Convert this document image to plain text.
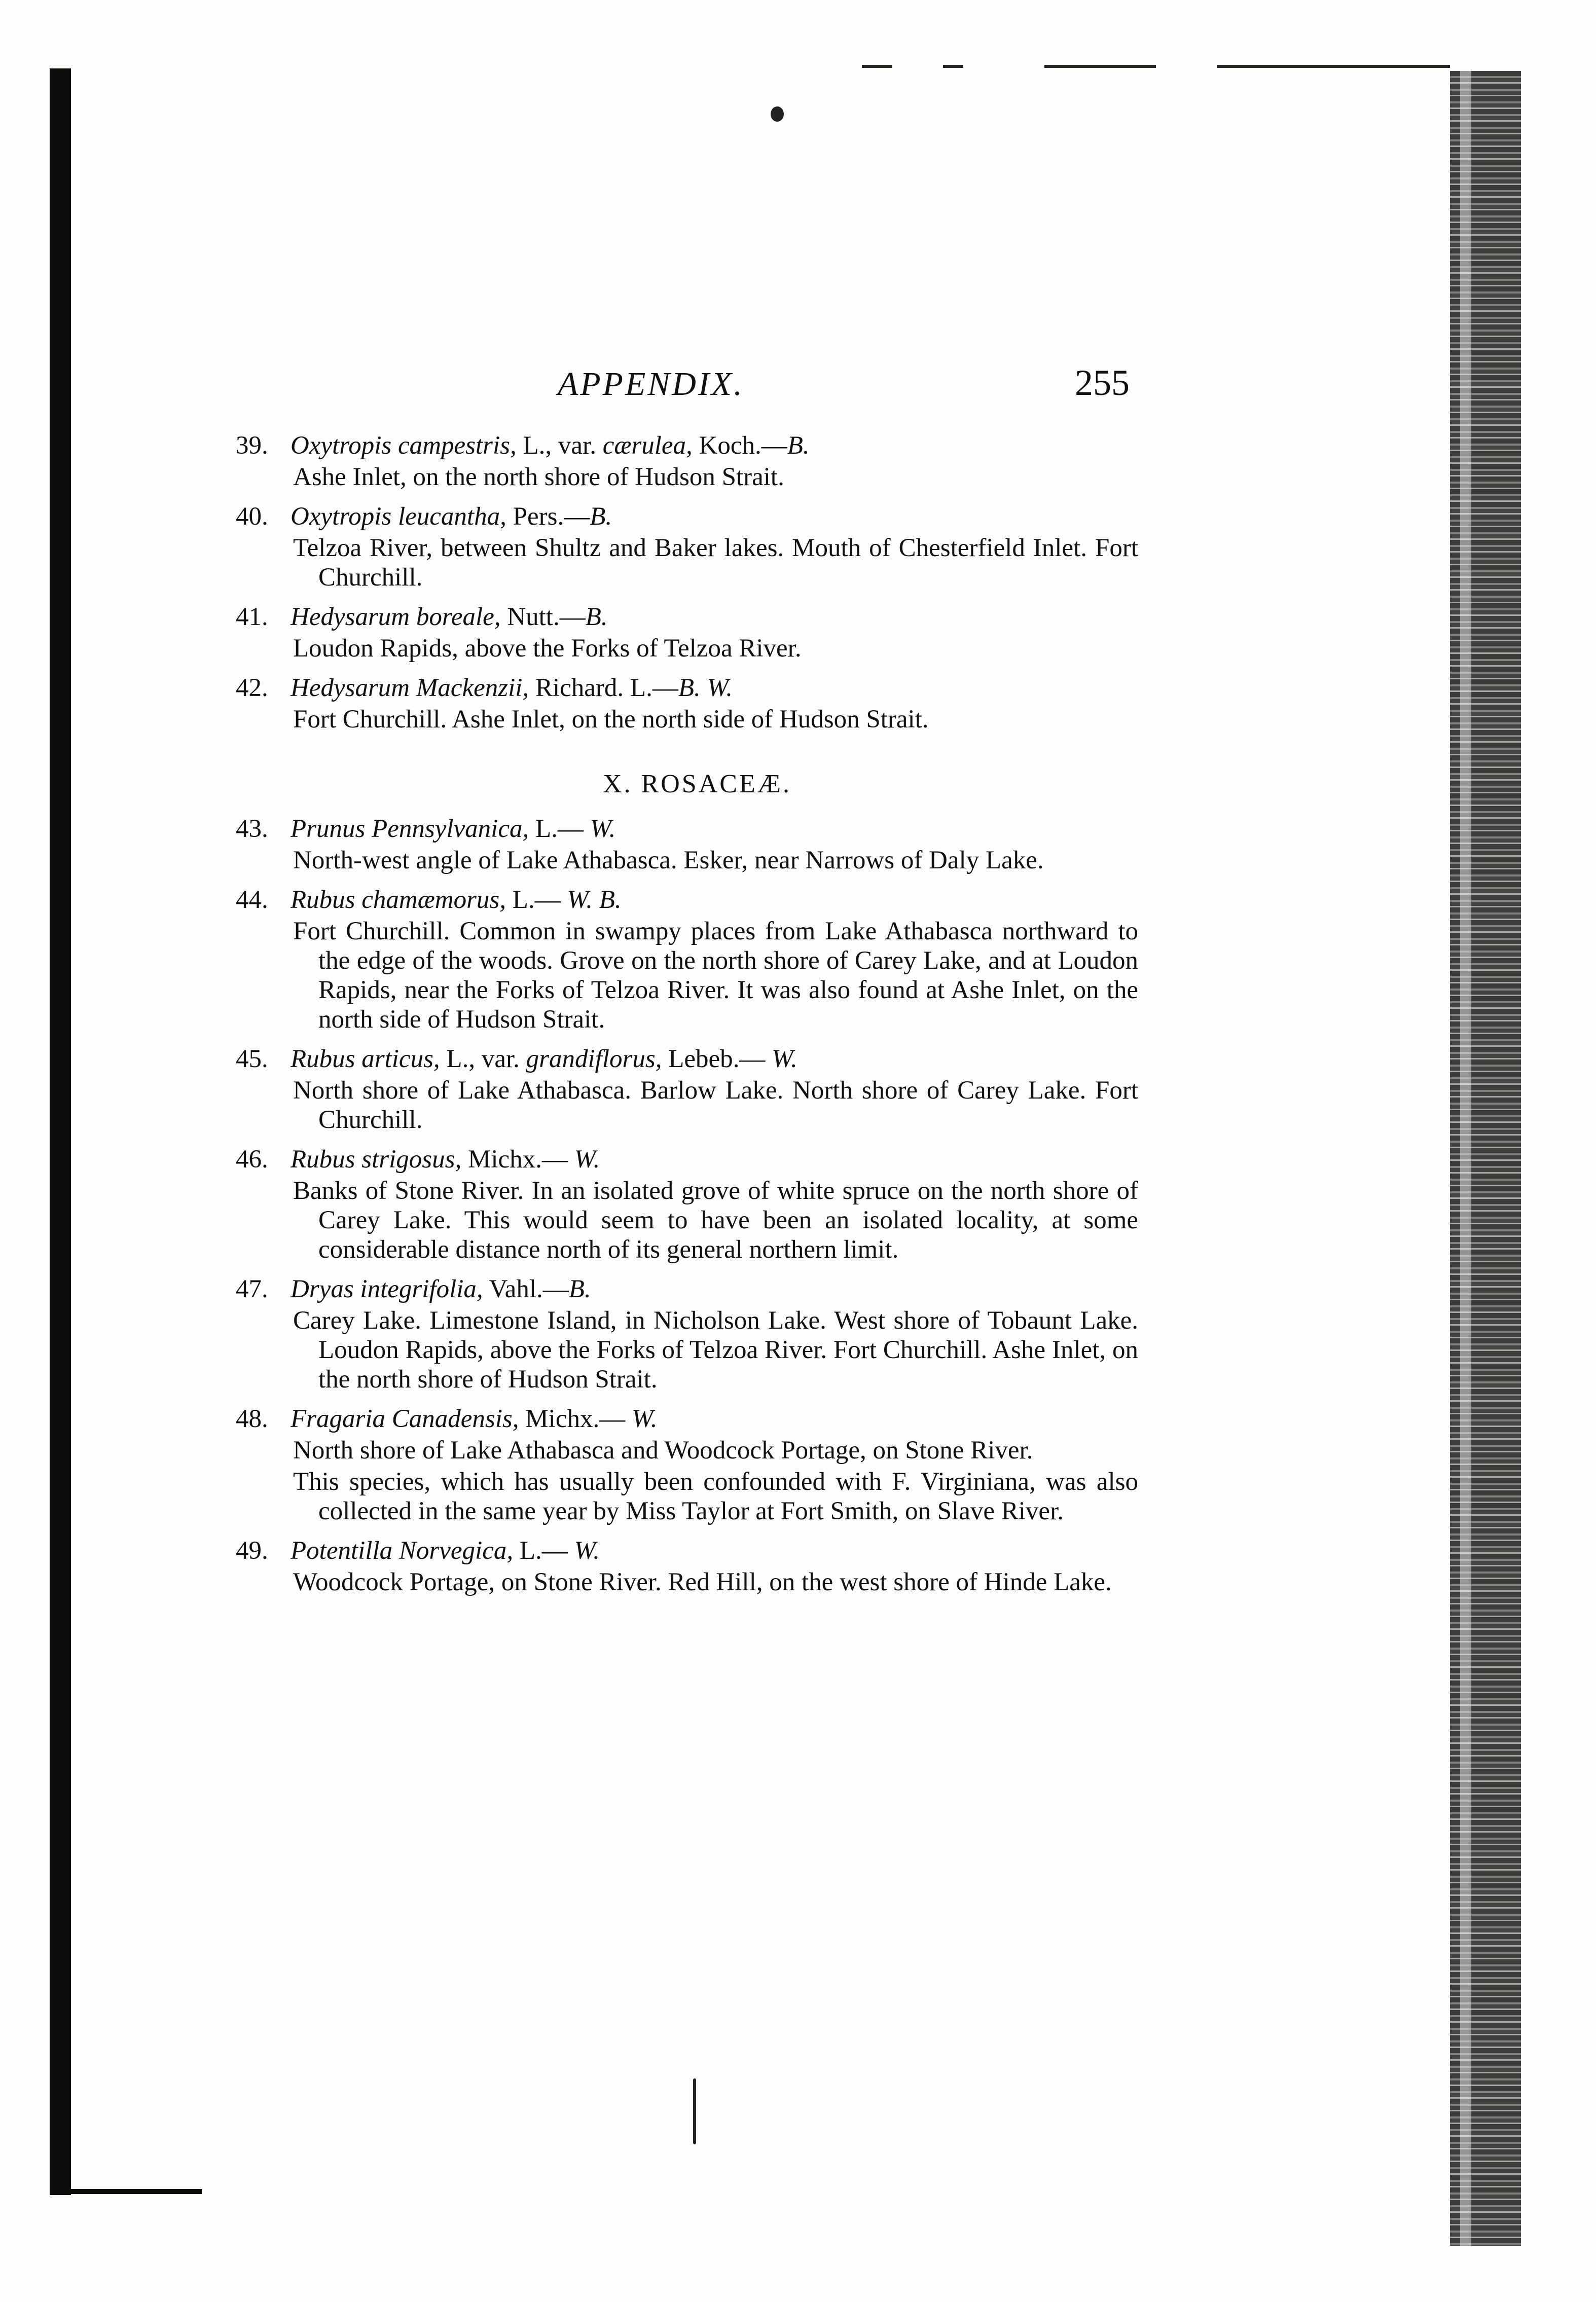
APPENDIX.	255
39. Oxytropis campestris, L., var. cærulea, Koch.—B.

Ashe Inlet, on the north shore of Hudson Strait.

40. Oxytropis leucantha, Pers.—B.

Telzoa River, between Shultz and Baker lakes. Mouth of Chesterfield Inlet. Fort Churchill.

41. Hedysarum boreale, Nutt.—B.

Loudon Rapids, above the Forks of Telzoa River.

42. Hedysarum Mackenzii, Richard. L.—B. W.

Fort Churchill. Ashe Inlet, on the north side of Hudson Strait.

X. ROSACEÆ.
43. Prunus Pennsylvanica, L.— W.

North-west angle of Lake Athabasca. Esker, near Narrows of Daly Lake.

44. Rubus chamæmorus, L.— W. B.

Fort Churchill. Common in swampy places from Lake Athabasca northward to the edge of the woods. Grove on the north shore of Carey Lake, and at Loudon Rapids, near the Forks of Telzoa River. It was also found at Ashe Inlet, on the north side of Hudson Strait.

45. Rubus articus, L., var. grandiflorus, Lebeb.— W.

North shore of Lake Athabasca. Barlow Lake. North shore of Carey Lake. Fort Churchill.

46. Rubus strigosus, Michx.— W.

Banks of Stone River. In an isolated grove of white spruce on the north shore of Carey Lake. This would seem to have been an isolated locality, at some considerable distance north of its general northern limit.

47. Dryas integrifolia, Vahl.—B.

Carey Lake. Limestone Island, in Nicholson Lake. West shore of Tobaunt Lake. Loudon Rapids, above the Forks of Telzoa River. Fort Churchill. Ashe Inlet, on the north shore of Hudson Strait.

48. Fragaria Canadensis, Michx.— W.

North shore of Lake Athabasca and Woodcock Portage, on Stone River.

This species, which has usually been confounded with F. Virginiana, was also collected in the same year by Miss Taylor at Fort Smith, on Slave River.

49. Potentilla Norvegica, L.— W.

Woodcock Portage, on Stone River. Red Hill, on the west shore of Hinde Lake.
